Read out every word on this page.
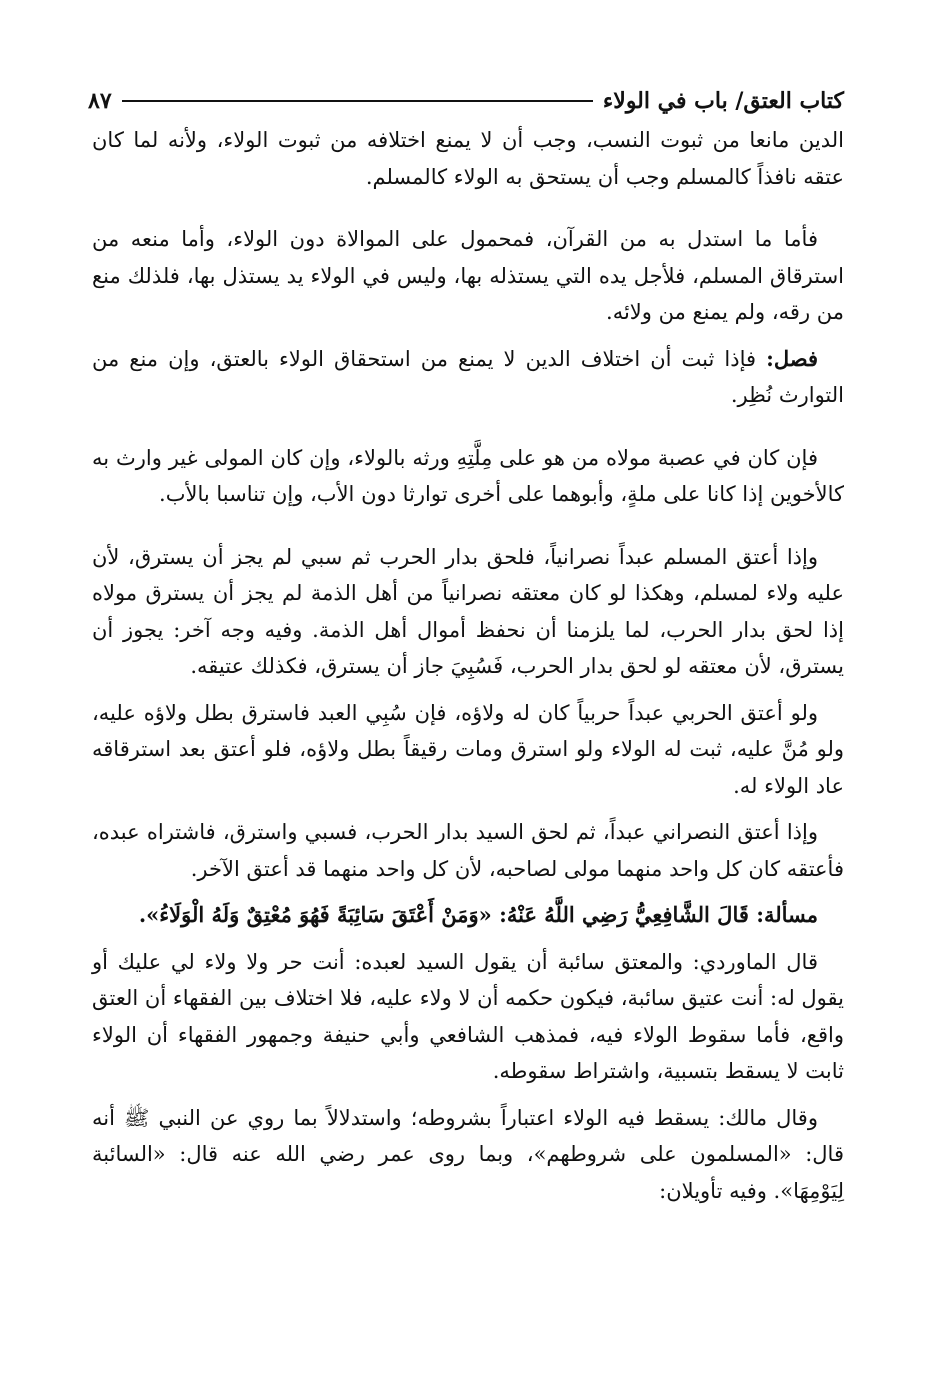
كتاب العتق/ باب في الولاء
٨٧

الدين مانعا من ثبوت النسب، وجب أن لا يمنع اختلافه من ثبوت الولاء، ولأنه لما كان عتقه نافذاً كالمسلم وجب أن يستحق به الولاء كالمسلم.

فأما ما استدل به من القرآن، فمحمول على الموالاة دون الولاء، وأما منعه من استرقاق المسلم، فلأجل يده التي يستذله بها، وليس في الولاء يد يستذل بها، فلذلك منع من رقه، ولم يمنع من ولائه.

فصل: فإذا ثبت أن اختلاف الدين لا يمنع من استحقاق الولاء بالعتق، وإن منع من التوارث نُظِر.

فإن كان في عصبة مولاه من هو على مِلَّتِهِ ورثه بالولاء، وإن كان المولى غير وارث به كالأخوين إذا كانا على ملةٍ، وأبوهما على أخرى توارثا دون الأب، وإن تناسبا بالأب.

وإذا أعتق المسلم عبداً نصرانياً، فلحق بدار الحرب ثم سبي لم يجز أن يسترق، لأن عليه ولاء لمسلم، وهكذا لو كان معتقه نصرانياً من أهل الذمة لم يجز أن يسترق مولاه إذا لحق بدار الحرب، لما يلزمنا أن نحفظ أموال أهل الذمة. وفيه وجه آخر: يجوز أن يسترق، لأن معتقه لو لحق بدار الحرب، فَسُبِيَ جاز أن يسترق، فكذلك عتيقه.

ولو أعتق الحربي عبداً حربياً كان له ولاؤه، فإن سُبِي العبد فاسترق بطل ولاؤه عليه، ولو مُنَّ عليه، ثبت له الولاء ولو استرق ومات رقيقاً بطل ولاؤه، فلو أعتق بعد استرقاقه عاد الولاء له.

وإذا أعتق النصراني عبداً، ثم لحق السيد بدار الحرب، فسبي واسترق، فاشتراه عبده، فأعتقه كان كل واحد منهما مولى لصاحبه، لأن كل واحد منهما قد أعتق الآخر.

مسألة: قَالَ الشَّافِعِيُّ رَضِي اللَّهُ عَنْهُ: «وَمَنْ أَعْتَقَ سَائِبَةً فَهُوَ مُعْتِقٌ وَلَهُ الْوَلَاءُ».

قال الماوردي: والمعتق سائبة أن يقول السيد لعبده: أنت حر ولا ولاء لي عليك أو يقول له: أنت عتيق سائبة، فيكون حكمه أن لا ولاء عليه، فلا اختلاف بين الفقهاء أن العتق واقع، فأما سقوط الولاء فيه، فمذهب الشافعي وأبي حنيفة وجمهور الفقهاء أن الولاء ثابت لا يسقط بتسبية، واشتراط سقوطه.

وقال مالك: يسقط فيه الولاء اعتباراً بشروطه؛ واستدلالاً بما روي عن النبي ﷺ أنه قال: «المسلمون على شروطهم»، وبما روى عمر رضي الله عنه قال: «السائبة لِيَوْمِهَا». وفيه تأويلان:
